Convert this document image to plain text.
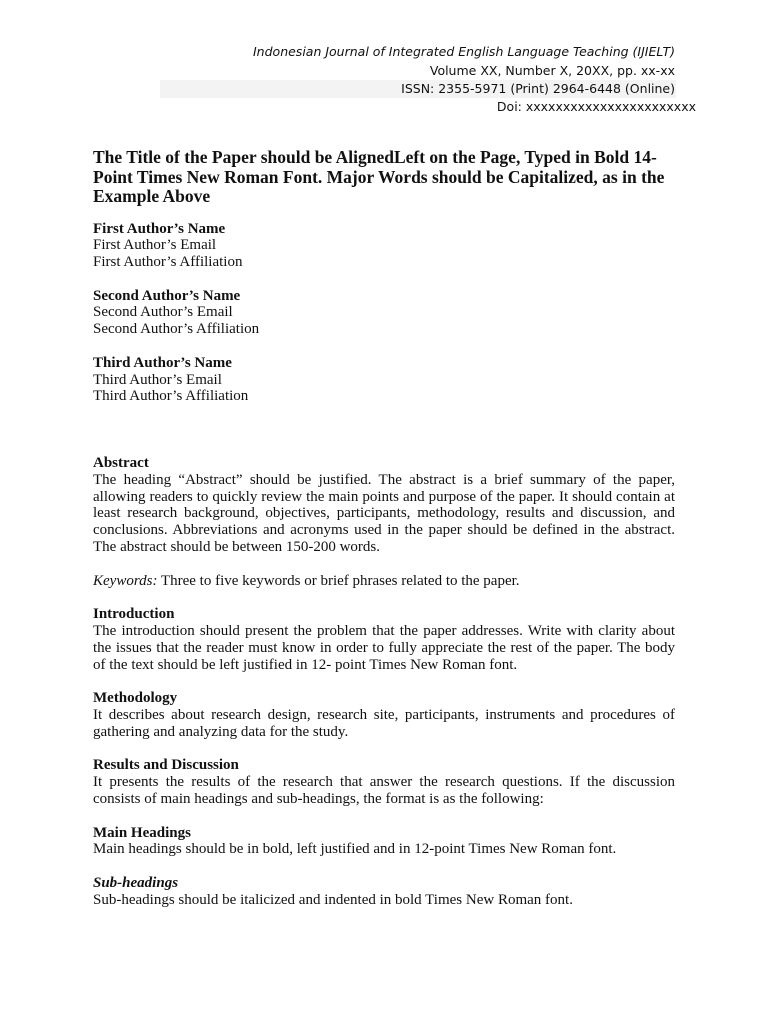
Indonesian Journal of Integrated English Language Teaching (IJIELT)
Volume XX, Number X, 20XX, pp. xx-xx
ISSN: 2355-5971 (Print) 2964-6448 (Online)
Doi: xxxxxxxxxxxxxxxxxxxxxxx
The Title of the Paper should be AlignedLeft on the Page, Typed in Bold 14-Point Times New Roman Font. Major Words should be Capitalized, as in the Example Above
First Author’s Name
First Author’s Email
First Author’s Affiliation
Second Author’s Name
Second Author’s Email
Second Author’s Affiliation
Third Author’s Name
Third Author’s Email
Third Author’s Affiliation
Abstract
The heading “Abstract” should be justified. The abstract is a brief summary of the paper, allowing readers to quickly review the main points and purpose of the paper. It should contain at least research background, objectives, participants, methodology, results and discussion, and conclusions. Abbreviations and acronyms used in the paper should be defined in the abstract. The abstract should be between 150-200 words.
Keywords: Three to five keywords or brief phrases related to the paper.
Introduction
The introduction should present the problem that the paper addresses. Write with clarity about the issues that the reader must know in order to fully appreciate the rest of the paper. The body of the text should be left justified in 12- point Times New Roman font.
Methodology
It describes about research design, research site, participants, instruments and procedures of gathering and analyzing data for the study.
Results and Discussion
It presents the results of the research that answer the research questions. If the discussion consists of main headings and sub-headings, the format is as the following:
Main Headings
Main headings should be in bold, left justified and in 12-point Times New Roman font.
Sub-headings
Sub-headings should be italicized and indented in bold Times New Roman font.
